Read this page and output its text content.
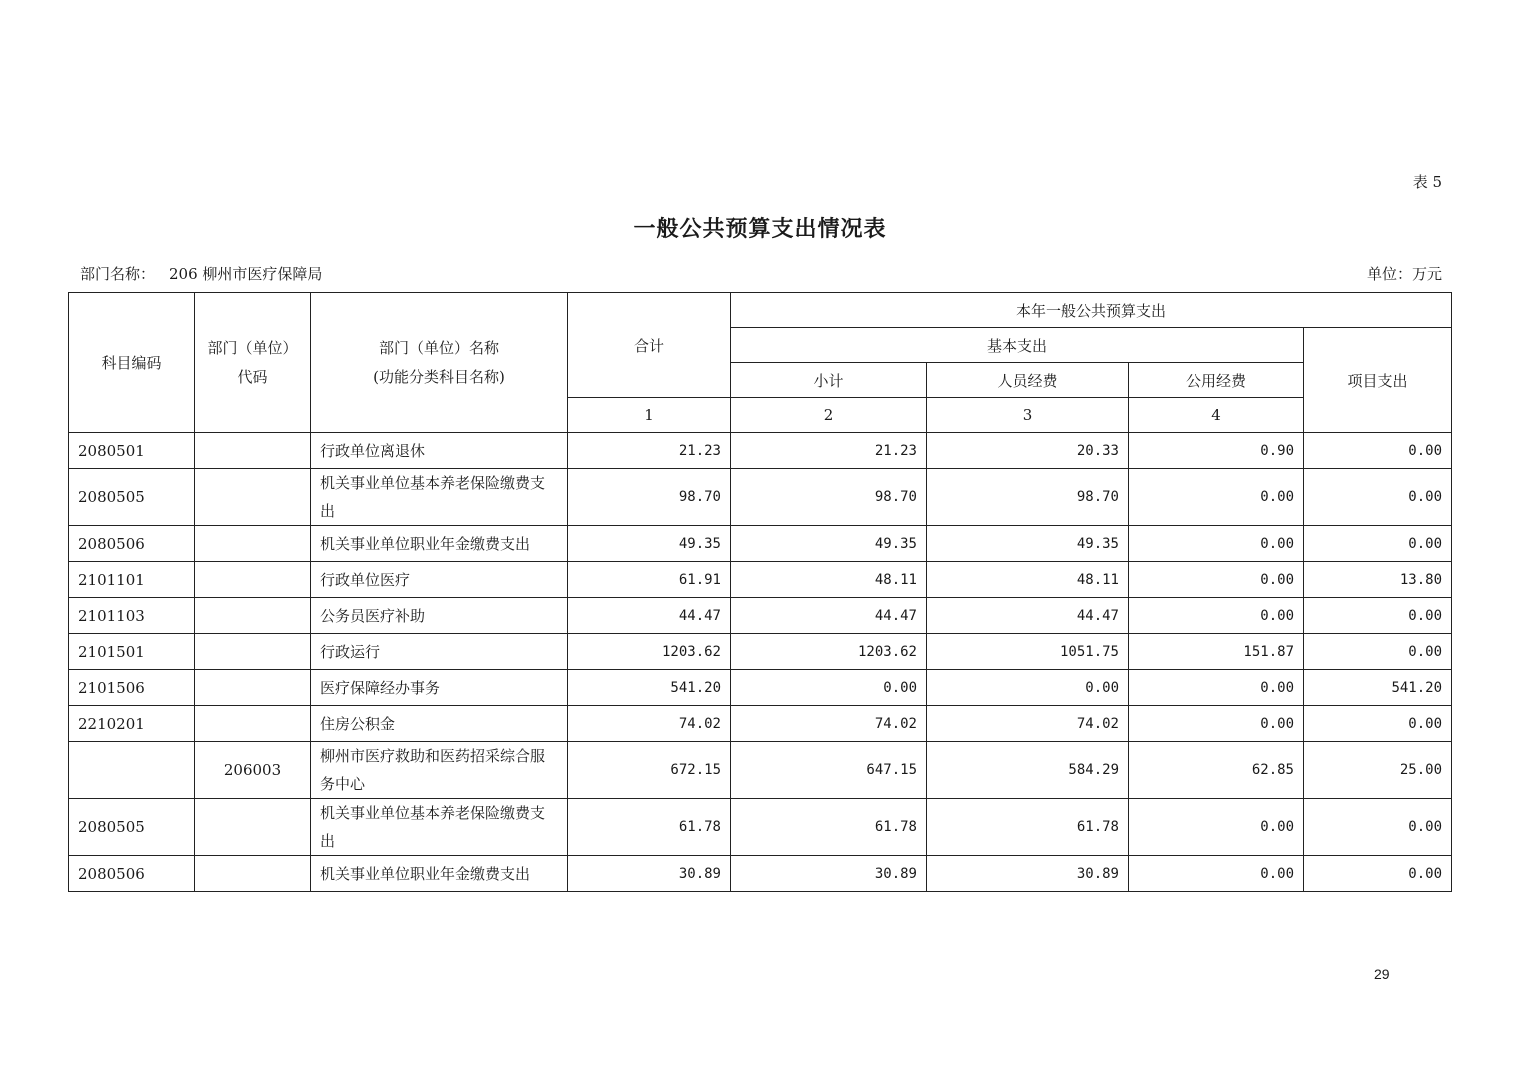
表 5
一般公共预算支出情况表
部门名称： 206 柳州市医疗保障局	单位：万元
科目编码	部门（单位）
代码	部门（单位）名称
(功能分类科目名称)	合计	本年一般公共预算支出			
				基本支出			项目支出
				小计	人员经费	公用经费	
			1	2	3	4	
2080501		行政单位离退休	21.23	21.23	20.33	0.90	0.00
2080505		机关事业单位基本养老保险缴费支出	98.70	98.70	98.70	0.00	0.00
2080506		机关事业单位职业年金缴费支出	49.35	49.35	49.35	0.00	0.00
2101101		行政单位医疗	61.91	48.11	48.11	0.00	13.80
2101103		公务员医疗补助	44.47	44.47	44.47	0.00	0.00
2101501		行政运行	1203.62	1203.62	1051.75	151.87	0.00
2101506		医疗保障经办事务	541.20	0.00	0.00	0.00	541.20
2210201		住房公积金	74.02	74.02	74.02	0.00	0.00
	206003	柳州市医疗救助和医药招采综合服务中心	672.15	647.15	584.29	62.85	25.00
2080505		机关事业单位基本养老保险缴费支出	61.78	61.78	61.78	0.00	0.00
2080506		机关事业单位职业年金缴费支出	30.89	30.89	30.89	0.00	0.00
29
